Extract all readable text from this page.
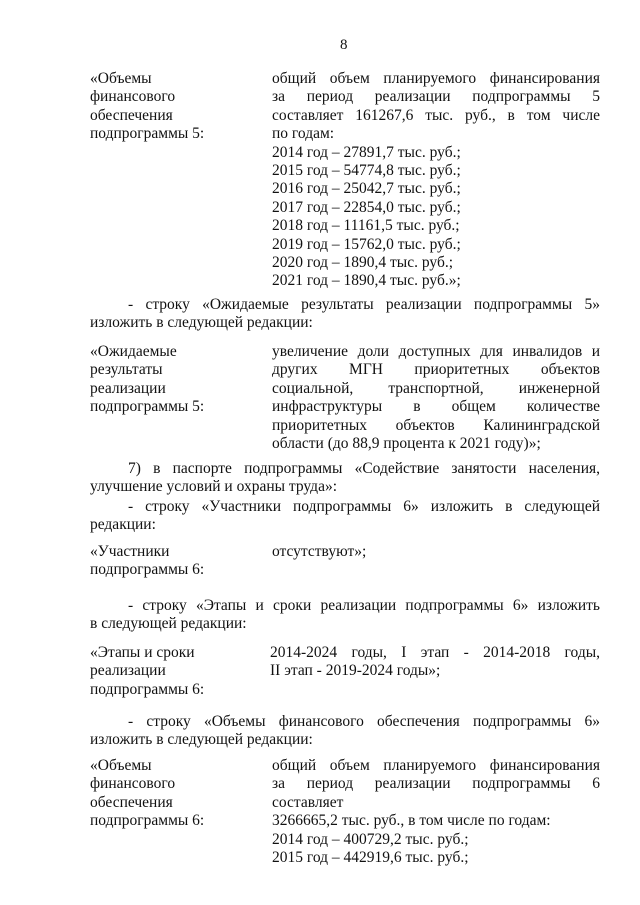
8
«Объемы
финансового
обеспечения
подпрограммы 5:
общий объем планируемого финансирования
за период реализации подпрограммы 5
составляет 161267,6 тыс. руб., в том числе
по годам:
2014 год – 27891,7 тыс. руб.;
2015 год – 54774,8 тыс. руб.;
2016 год – 25042,7 тыс. руб.;
2017 год – 22854,0 тыс. руб.;
2018 год – 11161,5 тыс. руб.;
2019 год – 15762,0 тыс. руб.;
2020 год – 1890,4 тыс. руб.;
2021 год – 1890,4 тыс. руб.»;
- строку «Ожидаемые результаты реализации подпрограммы 5»
изложить в следующей редакции:
«Ожидаемые
результаты
реализации
подпрограммы 5:
увеличение доли доступных для инвалидов и
других МГН приоритетных объектов
социальной, транспортной, инженерной
инфраструктуры в общем количестве
приоритетных объектов Калининградской
области (до 88,9 процента к 2021 году)»;
7) в паспорте подпрограммы «Содействие занятости населения,
улучшение условий и охраны труда»:
- строку «Участники подпрограммы 6» изложить в следующей
редакции:
«Участники
подпрограммы 6:
отсутствуют»;
- строку «Этапы и сроки реализации подпрограммы 6» изложить
в следующей редакции:
«Этапы и сроки
реализации
подпрограммы 6:
2014-2024 годы, I этап - 2014-2018 годы,
II этап - 2019-2024 годы»;
- строку «Объемы финансового обеспечения подпрограммы 6»
изложить в следующей редакции:
«Объемы
финансового
обеспечения
подпрограммы 6:
общий объем планируемого финансирования
за период реализации подпрограммы 6 составляет
3266665,2 тыс. руб., в том числе по годам:
2014 год – 400729,2 тыс. руб.;
2015 год – 442919,6 тыс. руб.;
